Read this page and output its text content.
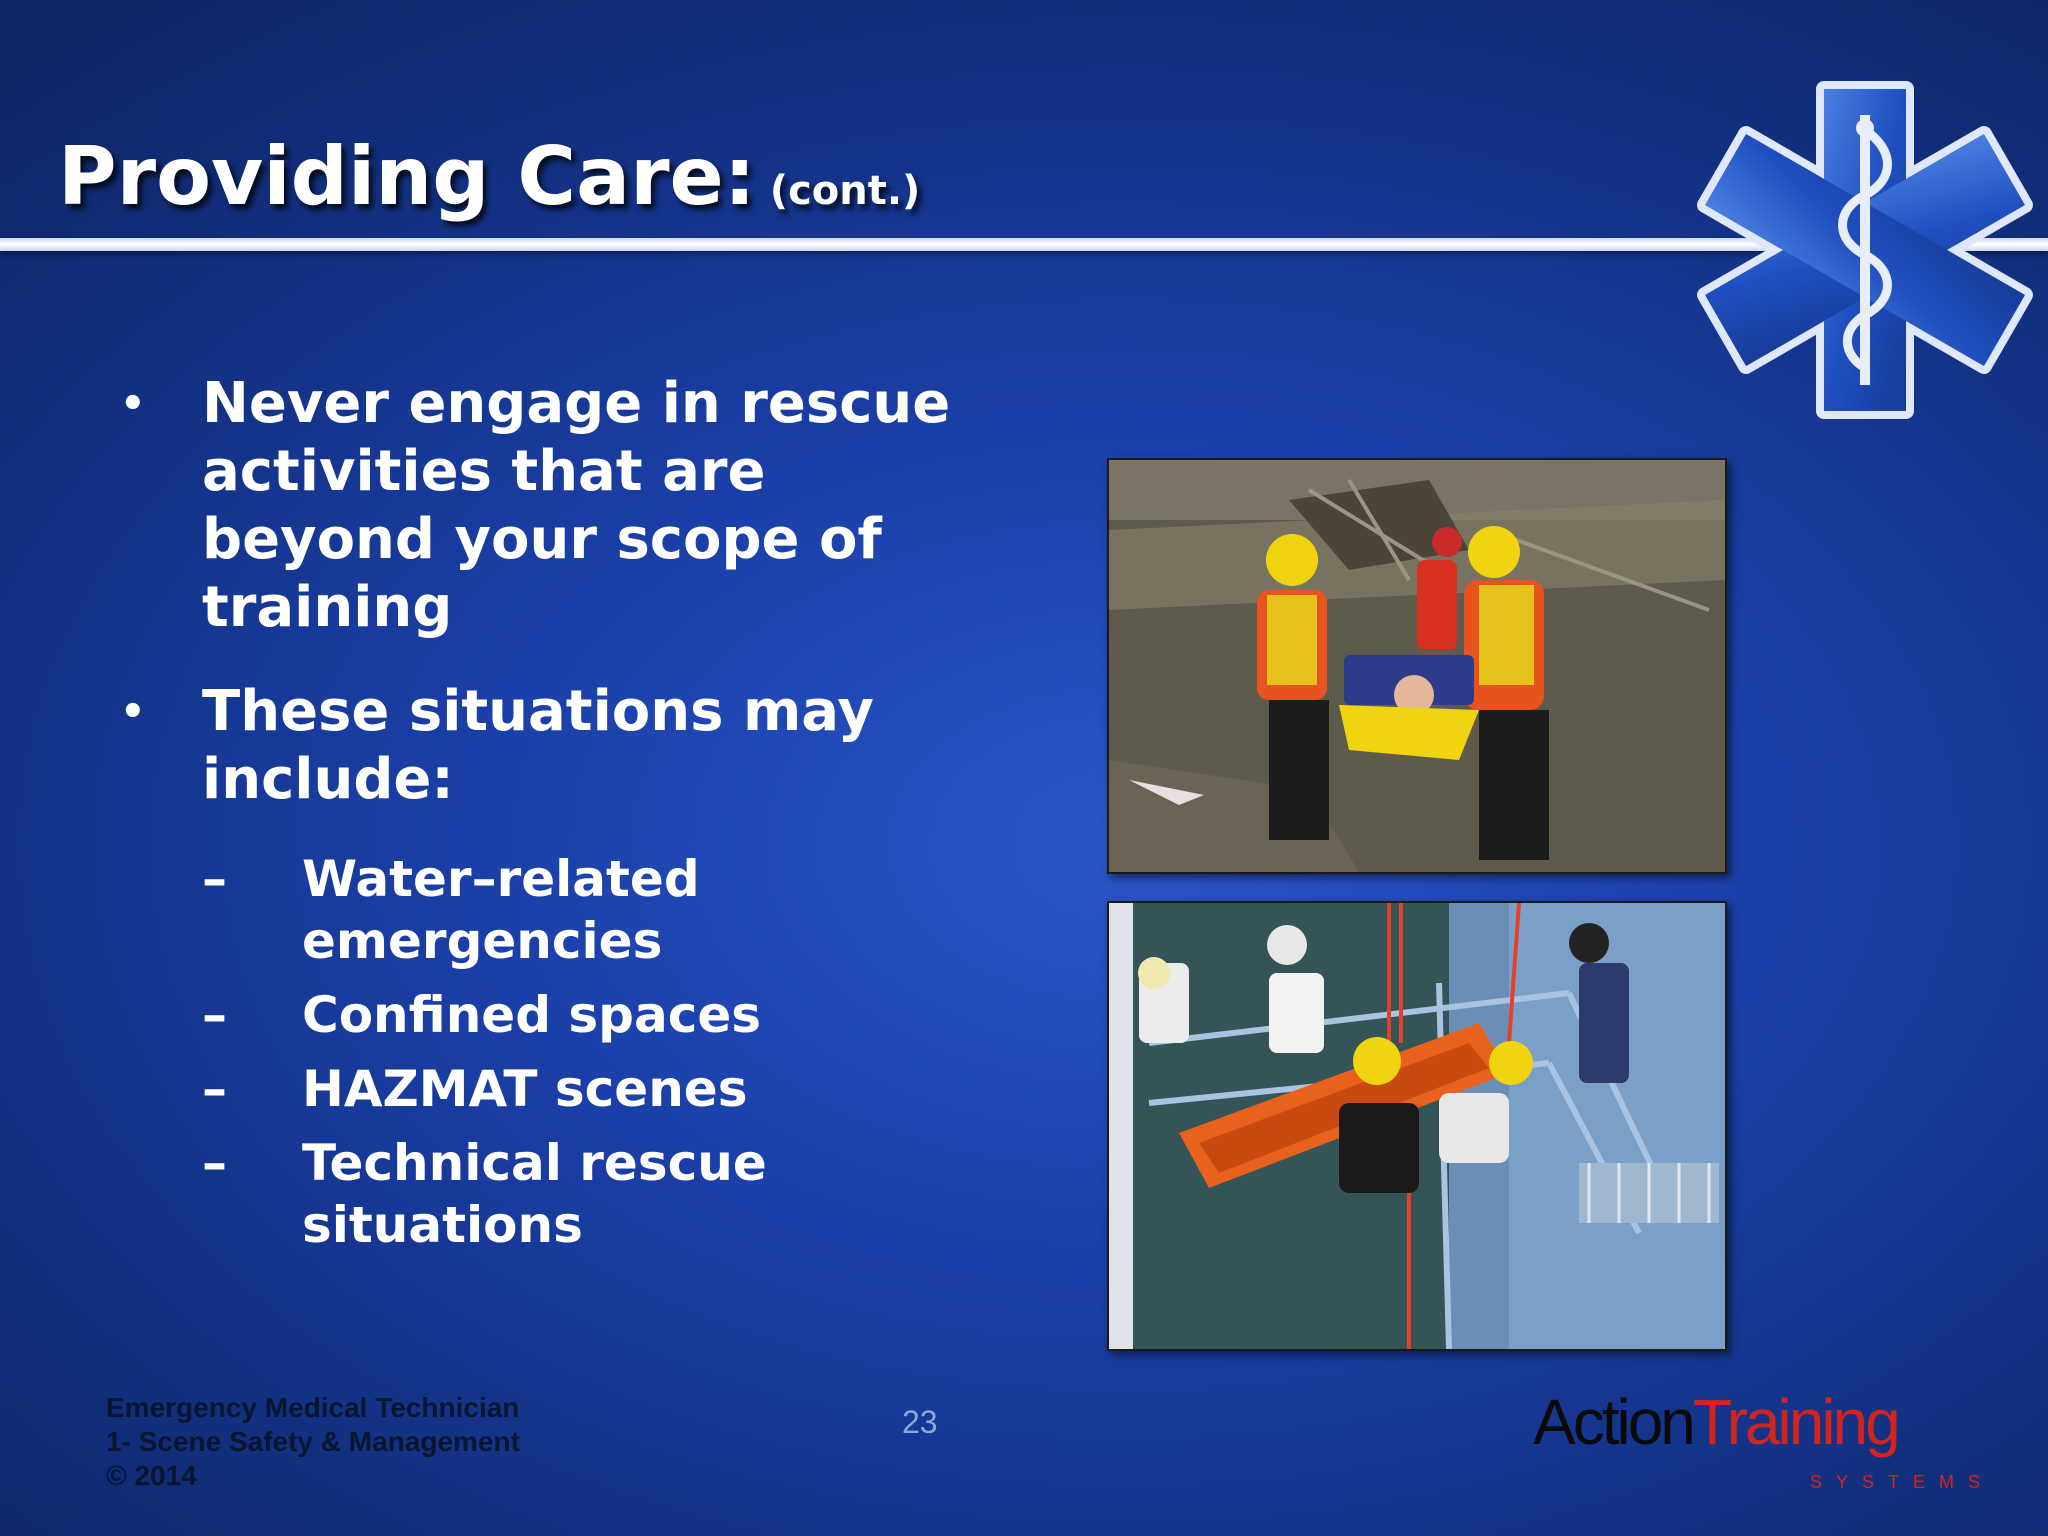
Providing Care: (cont.)
• Never engage in rescue activities that are beyond your scope of training
• These situations may include:
– Water–related emergencies
– Confined spaces
– HAZMAT scenes
– Technical rescue situations
Emergency Medical Technician
1- Scene Safety & Management
© 2014
23	ActionTraining
SYSTEMS
